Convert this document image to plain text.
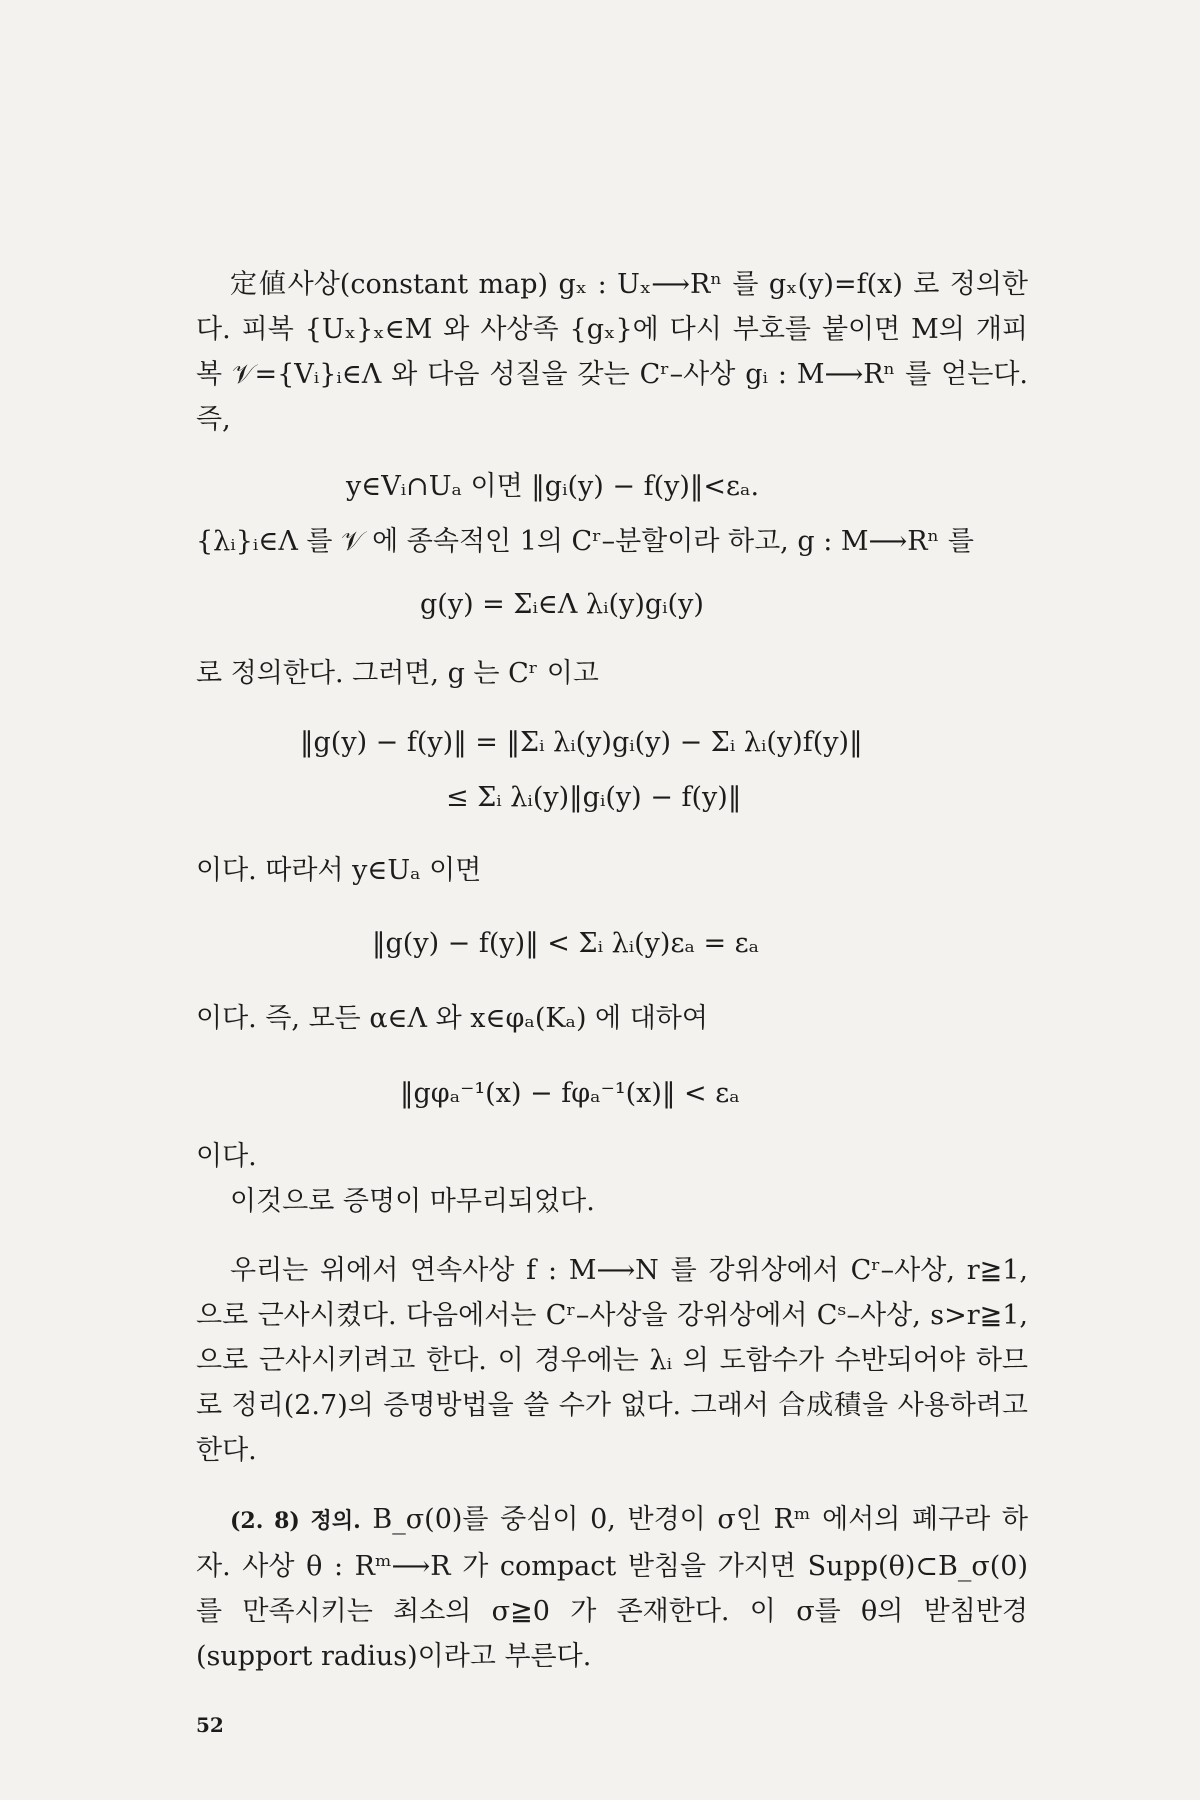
定値사상(constant map) gₓ : Uₓ⟶Rⁿ 를 gₓ(y)=f(x) 로 정의한다. 피복 {Uₓ}ₓ∈M 와 사상족 {gₓ}에 다시 부호를 붙이면 M의 개피복 𝒱={Vᵢ}ᵢ∈Λ 와 다음 성질을 갖는 Cʳ–사상 gᵢ : M⟶Rⁿ 를 얻는다. 즉,

y∈Vᵢ∩Uₐ 이면 ‖gᵢ(y) − f(y)‖<εₐ.

{λᵢ}ᵢ∈Λ 를 𝒱 에 종속적인 1의 Cʳ–분할이라 하고, g : M⟶Rⁿ 를

g(y) = Σᵢ∈Λ λᵢ(y)gᵢ(y)

로 정의한다. 그러면, g 는 Cʳ 이고

‖g(y) − f(y)‖ = ‖Σᵢ λᵢ(y)gᵢ(y) − Σᵢ λᵢ(y)f(y)‖

≤ Σᵢ λᵢ(y)‖gᵢ(y) − f(y)‖

이다. 따라서 y∈Uₐ 이면

‖g(y) − f(y)‖ < Σᵢ λᵢ(y)εₐ = εₐ

이다. 즉, 모든 α∈Λ 와 x∈φₐ(Kₐ) 에 대하여

‖gφₐ⁻¹(x) − fφₐ⁻¹(x)‖ < εₐ

이다.

이것으로 증명이 마무리되었다.

우리는 위에서 연속사상 f : M⟶N 를 강위상에서 Cʳ–사상, r≧1, 으로 근사시켰다. 다음에서는 Cʳ–사상을 강위상에서 Cˢ–사상, s>r≧1, 으로 근사시키려고 한다. 이 경우에는 λᵢ 의 도함수가 수반되어야 하므로 정리(2.7)의 증명방법을 쓸 수가 없다. 그래서 合成積을 사용하려고 한다.

(2. 8) 정의. B_σ(0)를 중심이 0, 반경이 σ인 Rᵐ 에서의 폐구라 하자. 사상 θ : Rᵐ⟶R 가 compact 받침을 가지면 Supp(θ)⊂B_σ(0) 를 만족시키는 최소의 σ≧0 가 존재한다. 이 σ를 θ의 받침반경(support radius)이라고 부른다.

52
